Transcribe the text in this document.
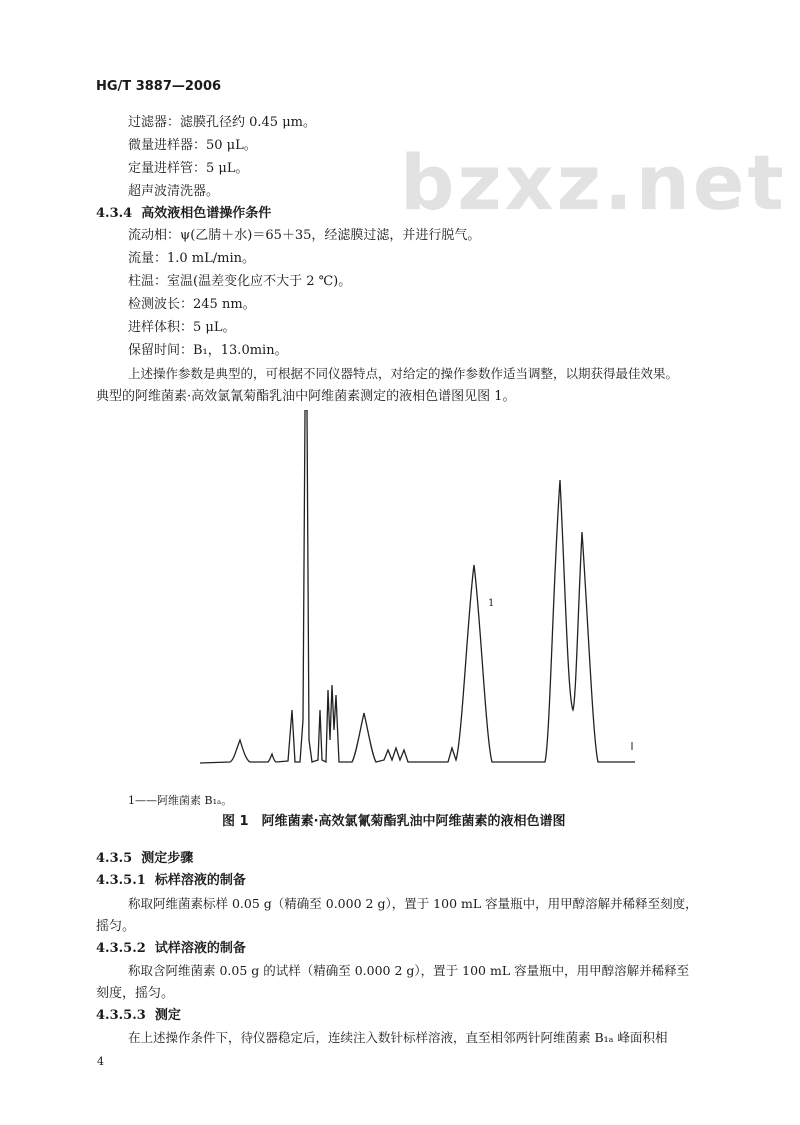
bzxz.net
HG/T 3887—2006
过滤器：滤膜孔径约 0.45 μm。
微量进样器：50 μL。
定量进样管：5 μL。
超声波清洗器。
4.3.4 高效液相色谱操作条件
流动相：ψ(乙腈＋水)＝65＋35，经滤膜过滤，并进行脱气。
流量：1.0 mL/min。
柱温：室温(温差变化应不大于 2 ℃)。
检测波长：245 nm。
进样体积：5 μL。
保留时间：B₁，13.0min。
上述操作参数是典型的，可根据不同仪器特点，对给定的操作参数作适当调整，以期获得最佳效果。
典型的阿维菌素·高效氯氰菊酯乳油中阿维菌素测定的液相色谱图见图 1。
1
1——阿维菌素 B₁ₐ。
图 1　阿维菌素·高效氯氰菊酯乳油中阿维菌素的液相色谱图
4.3.5 测定步骤
4.3.5.1 标样溶液的制备
称取阿维菌素标样 0.05 g（精确至 0.000 2 g），置于 100 mL 容量瓶中，用甲醇溶解并稀释至刻度，
摇匀。
4.3.5.2 试样溶液的制备
称取含阿维菌素 0.05 g 的试样（精确至 0.000 2 g），置于 100 mL 容量瓶中，用甲醇溶解并稀释至
刻度，摇匀。
4.3.5.3 测定
在上述操作条件下，待仪器稳定后，连续注入数针标样溶液，直至相邻两针阿维菌素 B₁ₐ 峰面积相
4
